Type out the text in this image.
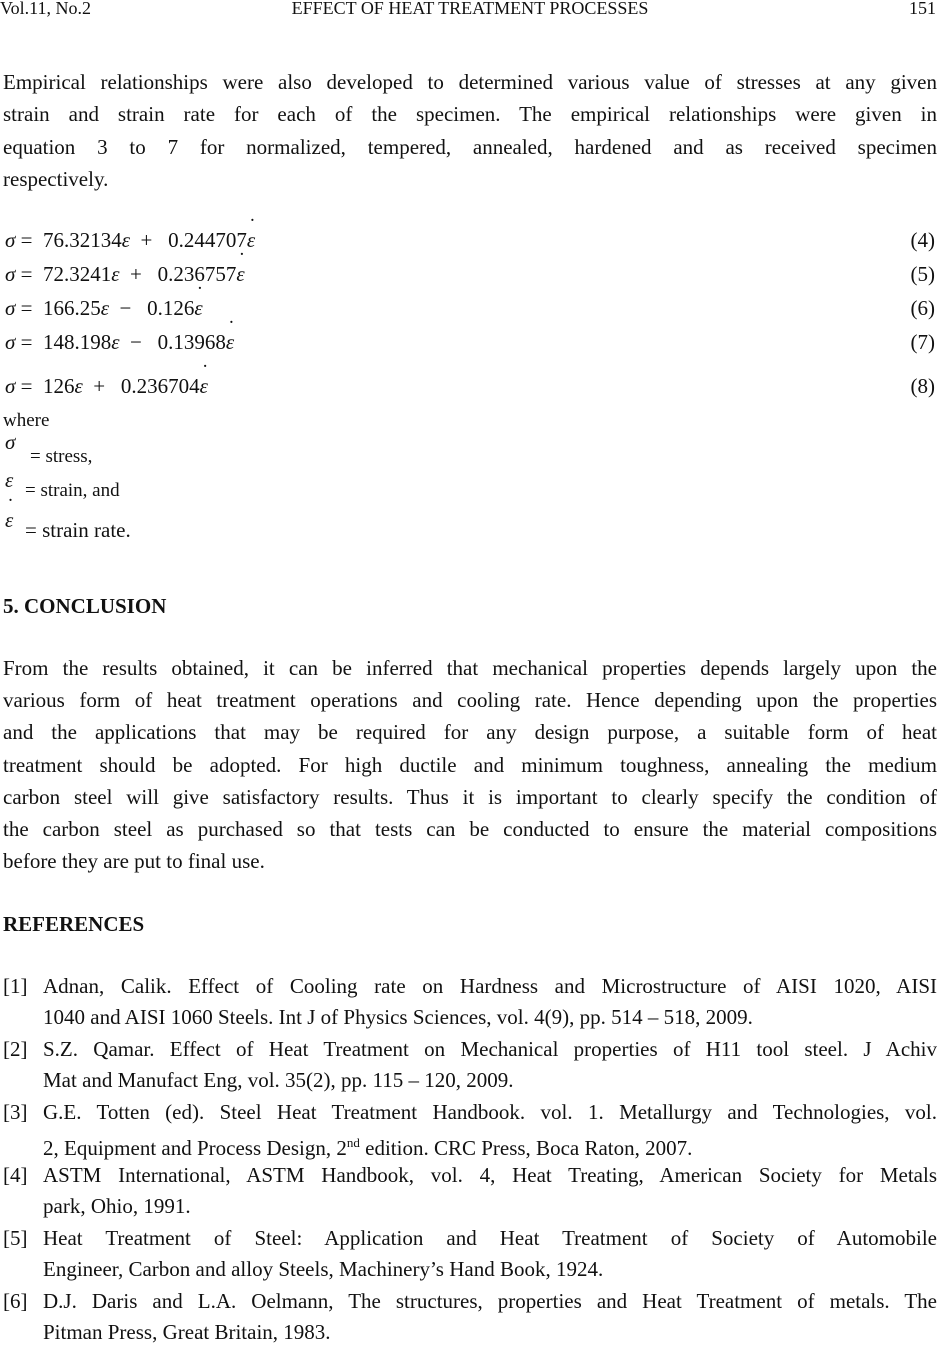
Vol.11, No.2	EFFECT OF HEAT TREATMENT PROCESSES	151
Empirical relationships were also developed to determined various value of stresses at any given
strain and strain rate for each of the specimen. The empirical relationships were given in
equation 3 to 7 for normalized, tempered, annealed, hardened and as received specimen
respectively.
σ =  76.32134ε + 0.244707˙ ε	(4)
σ =  72.3241ε + 0.236757˙ ε	(5)
σ =  166.25ε − 0.126˙ ε	(6)
σ =  148.198ε − 0.13968˙ ε	(7)
σ =  126ε + 0.236704˙ ε	(8)
where
σ
= stress,
ε = strain, and
˙ ε = strain rate.
5. CONCLUSION
From the results obtained, it can be inferred that mechanical properties depends largely upon the
various form of heat treatment operations and cooling rate. Hence depending upon the properties
and the applications that may be required for any design purpose, a suitable form of heat
treatment should be adopted. For high ductile and minimum toughness, annealing the medium
carbon steel will give satisfactory results. Thus it is important to clearly specify the condition of
the carbon steel as purchased so that tests can be conducted to ensure the material compositions
before they are put to final use.
REFERENCES
[1] Adnan, Calik. Effect of Cooling rate on Hardness and Microstructure of AISI 1020, AISI
1040 and AISI 1060 Steels. Int J of Physics Sciences, vol. 4(9), pp. 514 – 518, 2009.
[2] S.Z. Qamar. Effect of Heat Treatment on Mechanical properties of H11 tool steel. J Achiv
Mat and Manufact Eng, vol. 35(2), pp. 115 – 120, 2009.
[3] G.E. Totten (ed). Steel Heat Treatment Handbook. vol. 1. Metallurgy and Technologies, vol.
2, Equipment and Process Design, 2nd edition. CRC Press, Boca Raton, 2007.
[4] ASTM International, ASTM Handbook, vol. 4, Heat Treating, American Society for Metals
park, Ohio, 1991.
[5] Heat Treatment of Steel: Application and Heat Treatment of Society of Automobile
Engineer, Carbon and alloy Steels, Machinery’s Hand Book, 1924.
[6] D.J. Daris and L.A. Oelmann, The structures, properties and Heat Treatment of metals. The
Pitman Press, Great Britain, 1983.
